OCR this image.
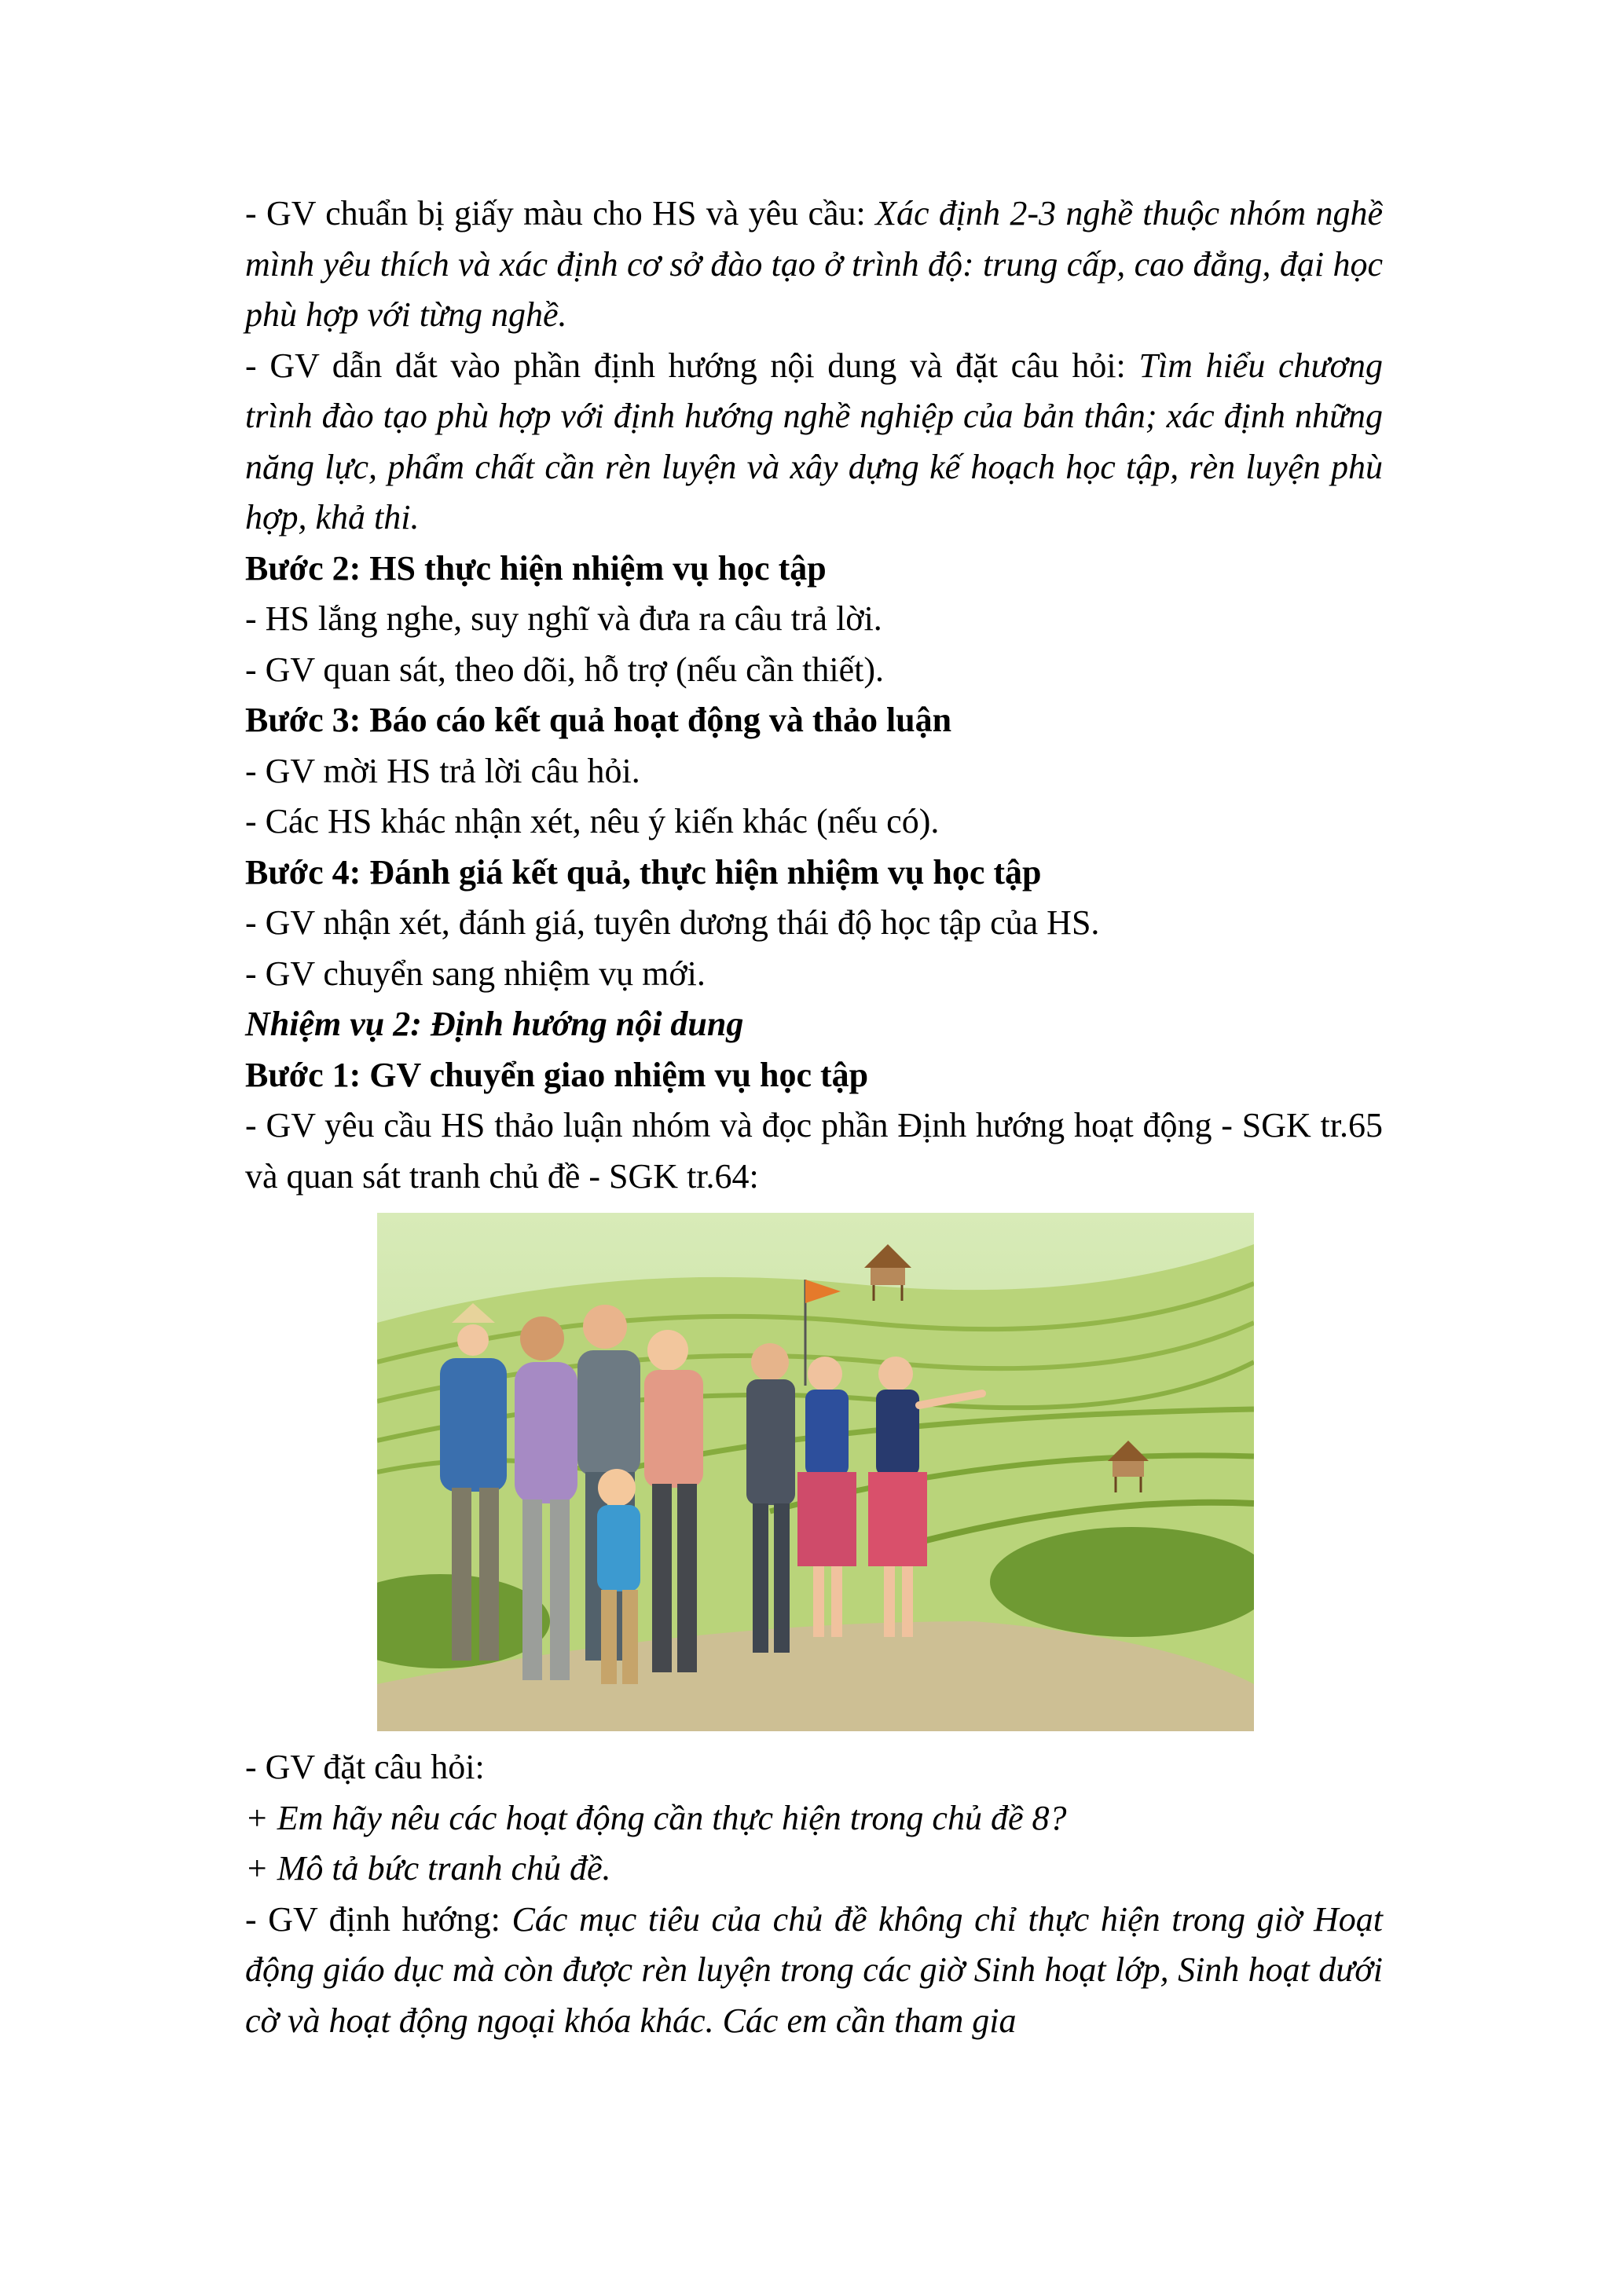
- GV chuẩn bị giấy màu cho HS và yêu cầu: Xác định 2-3 nghề thuộc nhóm nghề mình yêu thích và xác định cơ sở đào tạo ở trình độ: trung cấp, cao đẳng, đại học phù hợp với từng nghề.

- GV dẫn dắt vào phần định hướng nội dung và đặt câu hỏi: Tìm hiểu chương trình đào tạo phù hợp với định hướng nghề nghiệp của bản thân; xác định những năng lực, phẩm chất cần rèn luyện và xây dựng kế hoạch học tập, rèn luyện phù hợp, khả thi.

Bước 2: HS thực hiện nhiệm vụ học tập

- HS lắng nghe, suy nghĩ và đưa ra câu trả lời.

- GV quan sát, theo dõi, hỗ trợ (nếu cần thiết).

Bước 3: Báo cáo kết quả hoạt động và thảo luận

- GV mời HS trả lời câu hỏi.

- Các HS khác nhận xét, nêu ý kiến khác (nếu có).

Bước 4: Đánh giá kết quả, thực hiện nhiệm vụ học tập

- GV nhận xét, đánh giá, tuyên dương thái độ học tập của HS.

- GV chuyển sang nhiệm vụ mới.

Nhiệm vụ 2: Định hướng nội dung

Bước 1: GV chuyển giao nhiệm vụ học tập

- GV yêu cầu HS thảo luận nhóm và đọc phần Định hướng hoạt động - SGK tr.65 và quan sát tranh chủ đề - SGK tr.64:

- GV đặt câu hỏi:

+ Em hãy nêu các hoạt động cần thực hiện trong chủ đề 8?

+ Mô tả bức tranh chủ đề.

- GV định hướng: Các mục tiêu của chủ đề không chỉ thực hiện trong giờ Hoạt động giáo dục mà còn được rèn luyện trong các giờ Sinh hoạt lớp, Sinh hoạt dưới cờ và hoạt động ngoại khóa khác. Các em cần tham gia
